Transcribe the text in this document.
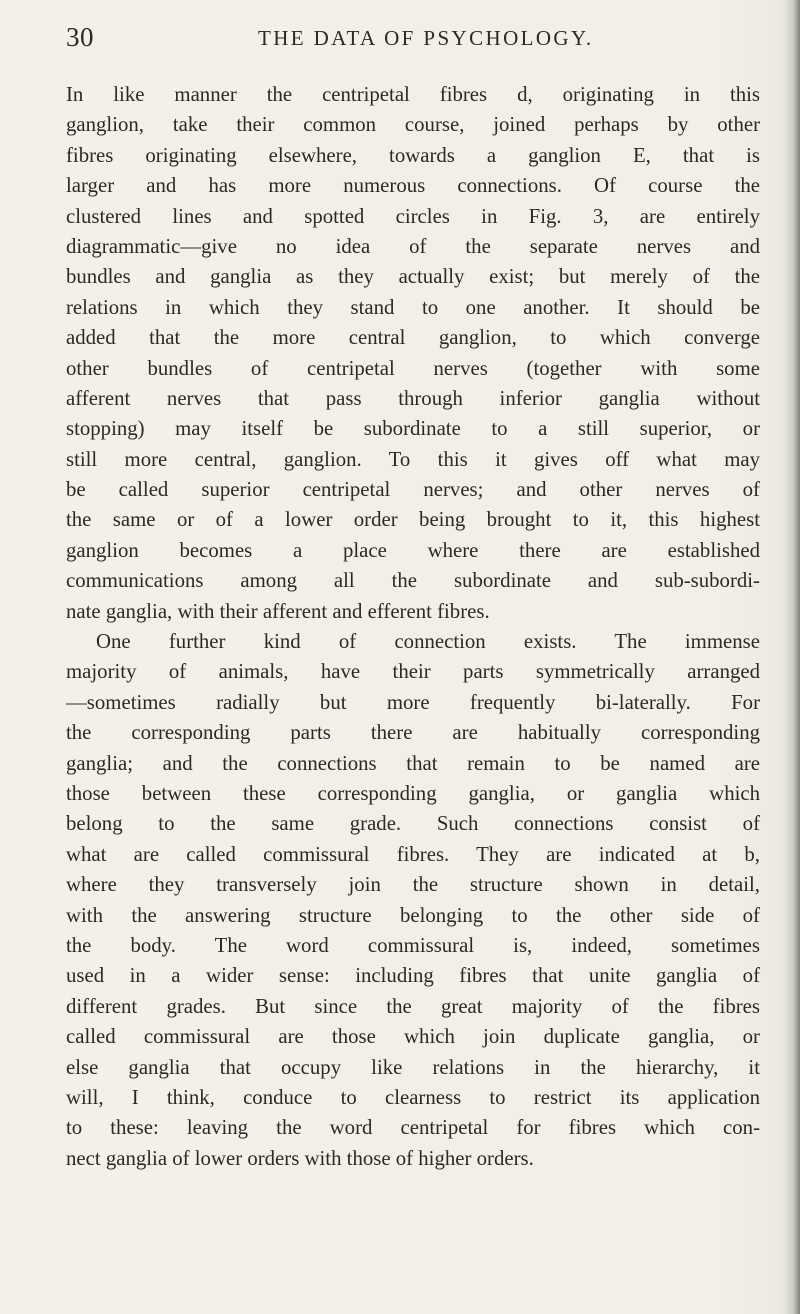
30	THE DATA OF PSYCHOLOGY.
In like manner the centripetal fibres d, originating in this
ganglion, take their common course, joined perhaps by other
fibres originating elsewhere, towards a ganglion E, that is
larger and has more numerous connections. Of course the
clustered lines and spotted circles in Fig. 3, are entirely
diagrammatic—give no idea of the separate nerves and
bundles and ganglia as they actually exist; but merely of the
relations in which they stand to one another. It should be
added that the more central ganglion, to which converge
other bundles of centripetal nerves (together with some
afferent nerves that pass through inferior ganglia without
stopping) may itself be subordinate to a still superior, or
still more central, ganglion. To this it gives off what may
be called superior centripetal nerves; and other nerves of
the same or of a lower order being brought to it, this highest
ganglion becomes a place where there are established
communications among all the subordinate and sub-subordi-
nate ganglia, with their afferent and efferent fibres.
One further kind of connection exists. The immense
majority of animals, have their parts symmetrically arranged
—sometimes radially but more frequently bi-laterally. For
the corresponding parts there are habitually corresponding
ganglia; and the connections that remain to be named are
those between these corresponding ganglia, or ganglia which
belong to the same grade. Such connections consist of
what are called commissural fibres. They are indicated at b,
where they transversely join the structure shown in detail,
with the answering structure belonging to the other side of
the body. The word commissural is, indeed, sometimes
used in a wider sense: including fibres that unite ganglia of
different grades. But since the great majority of the fibres
called commissural are those which join duplicate ganglia, or
else ganglia that occupy like relations in the hierarchy, it
will, I think, conduce to clearness to restrict its application
to these: leaving the word centripetal for fibres which con-
nect ganglia of lower orders with those of higher orders.
